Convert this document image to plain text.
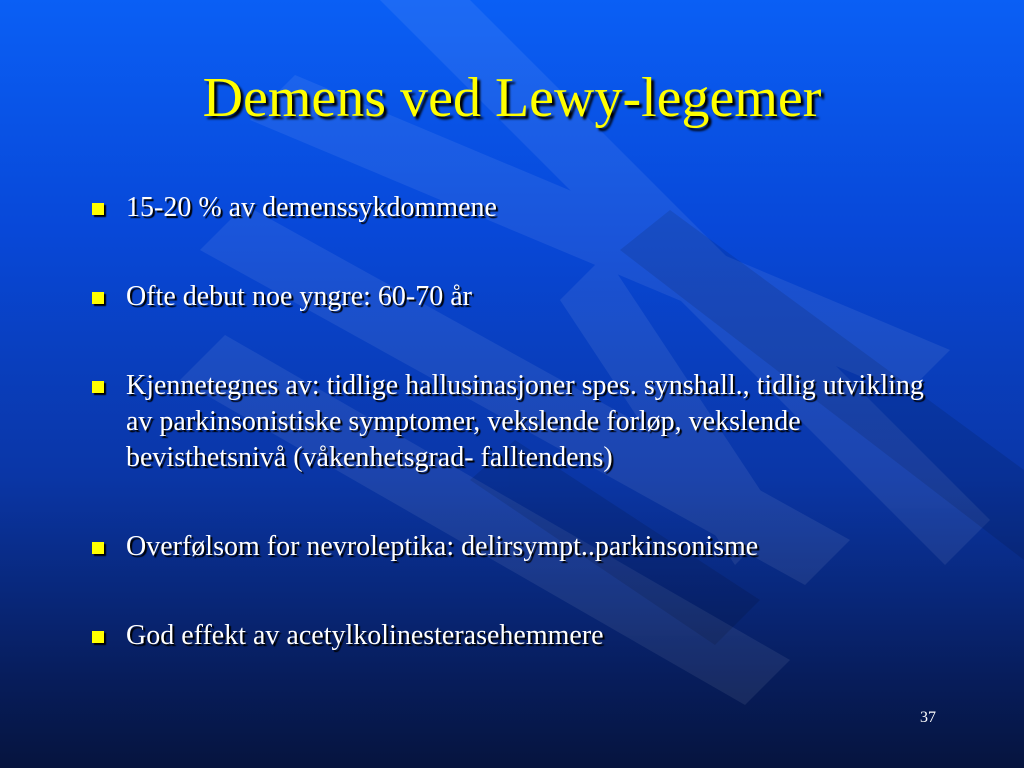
Demens ved Lewy-legemer
15-20 % av demenssykdommene
Ofte debut noe yngre: 60-70 år
Kjennetegnes av: tidlige hallusinasjoner spes. synshall., tidlig utvikling av parkinsonistiske symptomer, vekslende forløp, vekslende bevisthetsnivå (våkenhetsgrad- falltendens)
Overfølsom for nevroleptika: delirsympt..parkinsonisme
God effekt av acetylkolinesterasehemmere
37
